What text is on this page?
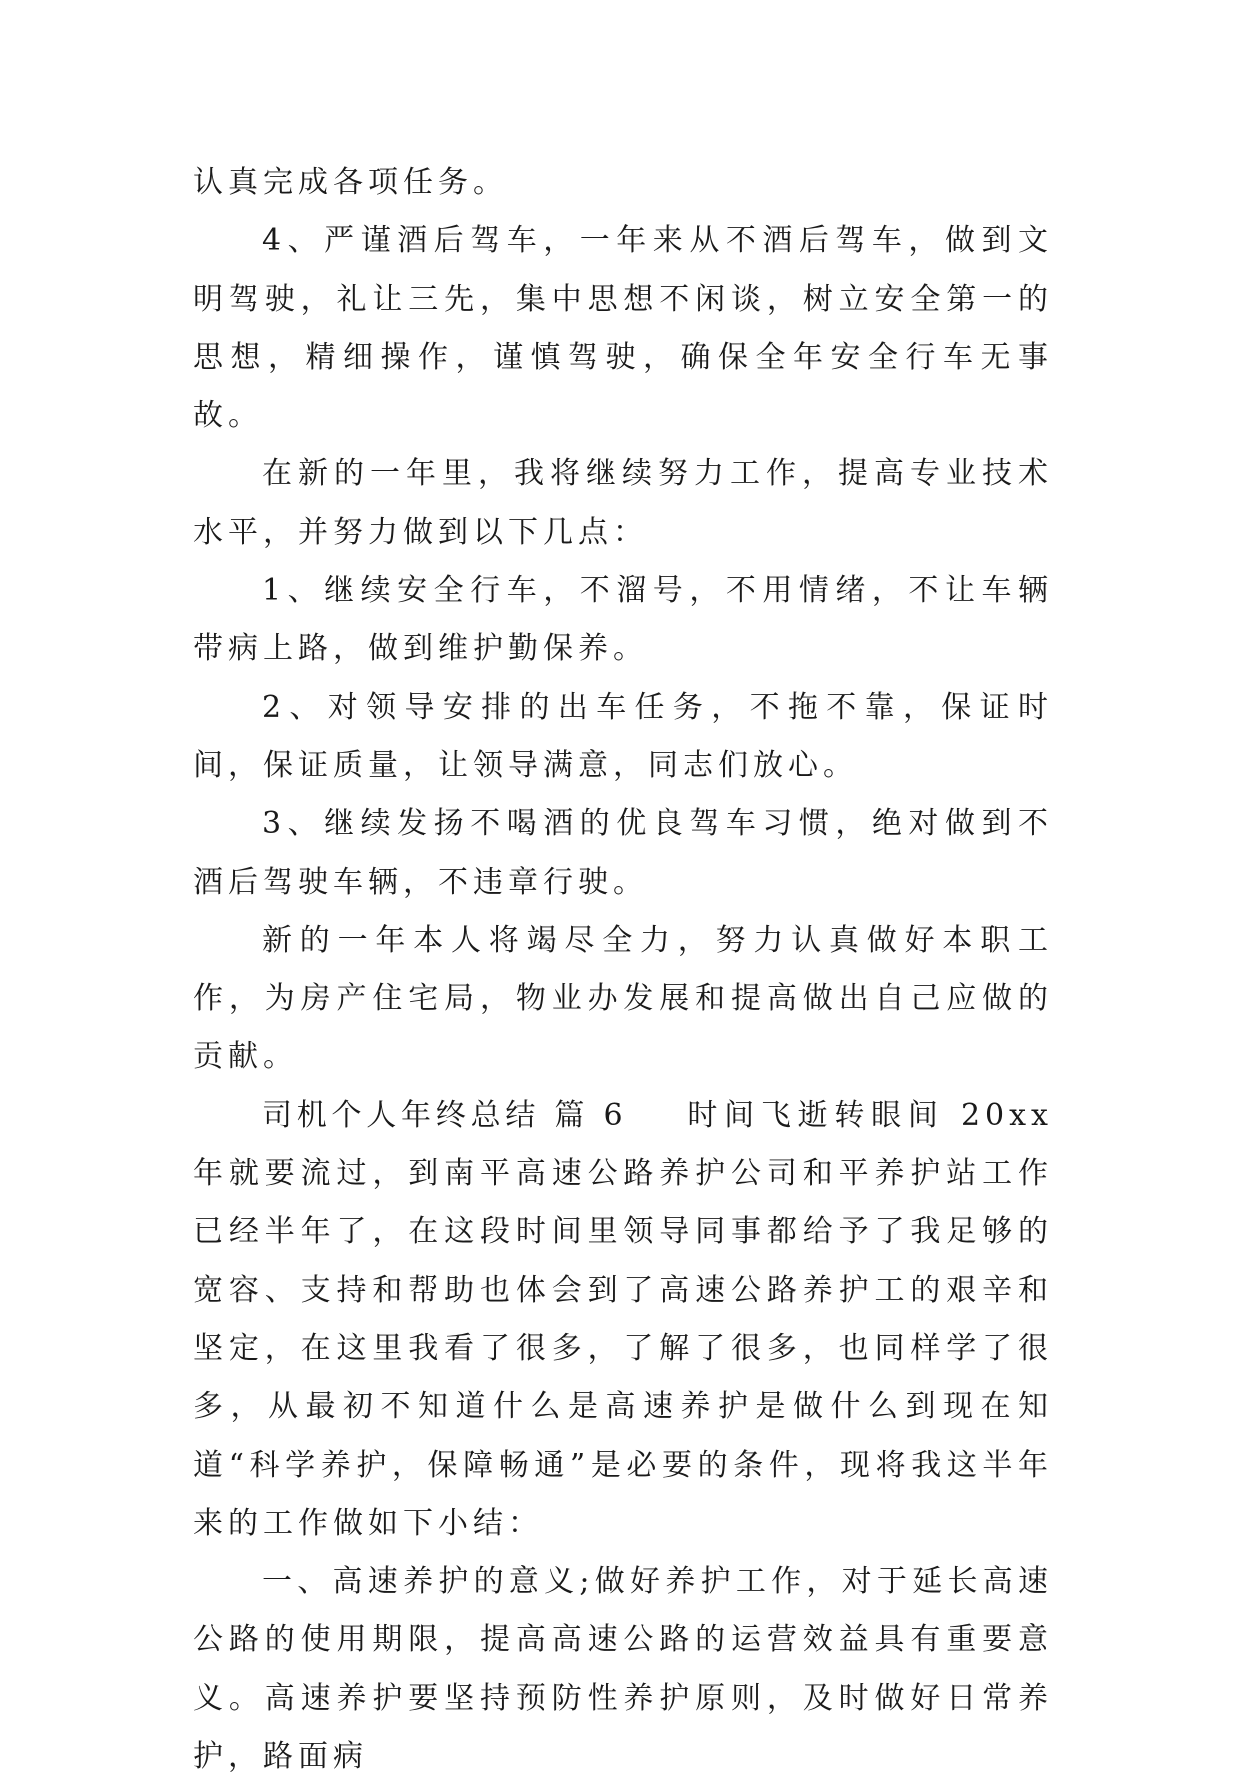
认真完成各项任务。

4、严谨酒后驾车，一年来从不酒后驾车，做到文明驾驶，礼让三先，集中思想不闲谈，树立安全第一的思想，精细操作，谨慎驾驶，确保全年安全行车无事故。

在新的一年里，我将继续努力工作，提高专业技术水平，并努力做到以下几点：

1、继续安全行车，不溜号，不用情绪，不让车辆带病上路，做到维护勤保养。

2、对领导安排的出车任务，不拖不靠，保证时间，保证质量，让领导满意，同志们放心。

3、继续发扬不喝酒的优良驾车习惯，绝对做到不酒后驾驶车辆，不违章行驶。

新的一年本人将竭尽全力，努力认真做好本职工作，为房产住宅局，物业办发展和提高做出自己应做的贡献。

司机个人年终总结 篇 6 时间飞逝转眼间 20xx 年就要流过，到南平高速公路养护公司和平养护站工作已经半年了，在这段时间里领导同事都给予了我足够的宽容、支持和帮助也体会到了高速公路养护工的艰辛和坚定，在这里我看了很多，了解了很多，也同样学了很多，从最初不知道什么是高速养护是做什么到现在知道“科学养护，保障畅通”是必要的条件，现将我这半年来的工作做如下小结：

一、高速养护的意义;做好养护工作，对于延长高速公路的使用期限，提高高速公路的运营效益具有重要意义。高速养护要坚持预防性养护原则，及时做好日常养护，路面病
